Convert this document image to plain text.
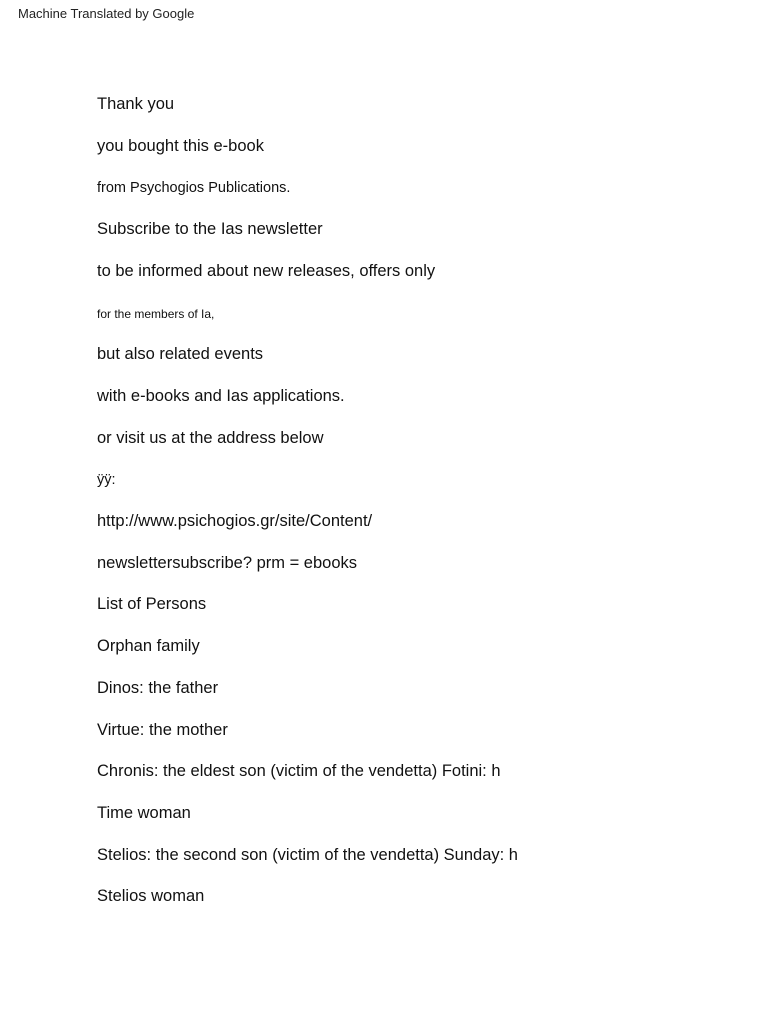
Machine Translated by Google
Thank you
you bought this e-book
from Psychogios Publications.
Subscribe to the Ias newsletter
to be informed about new releases, offers only
for the members of Ia,
but also related events
with e-books and Ias applications.
or visit us at the address below
ÿÿ:
http://www.psichogios.gr/site/Content/
newslettersubscribe? prm = ebooks
List of Persons
Orphan family
Dinos: the father
Virtue: the mother
Chronis: the eldest son (victim of the vendetta) Fotini: h
Time woman
Stelios: the second son (victim of the vendetta) Sunday: h
Stelios woman
